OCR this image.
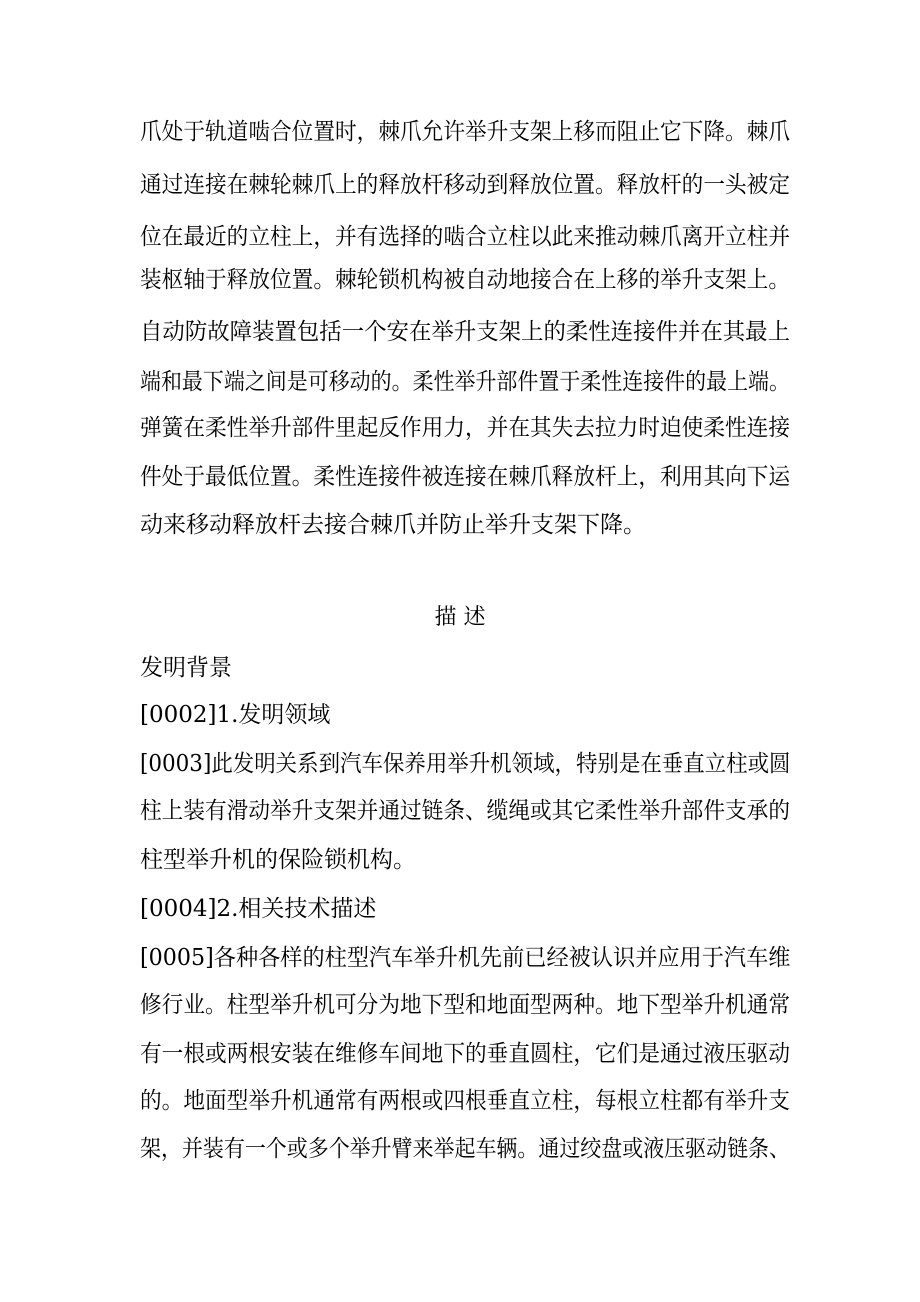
爪处于轨道啮合位置时，棘爪允许举升支架上移而阻止它下降。棘爪
通过连接在棘轮棘爪上的释放杆移动到释放位置。释放杆的一头被定
位在最近的立柱上，并有选择的啮合立柱以此来推动棘爪离开立柱并
装枢轴于释放位置。棘轮锁机构被自动地接合在上移的举升支架上。
自动防故障装置包括一个安在举升支架上的柔性连接件并在其最上
端和最下端之间是可移动的。柔性举升部件置于柔性连接件的最上端。
弹簧在柔性举升部件里起反作用力，并在其失去拉力时迫使柔性连接
件处于最低位置。柔性连接件被连接在棘爪释放杆上，利用其向下运
动来移动释放杆去接合棘爪并防止举升支架下降。
描 述
发明背景
[0002]1.发明领域
[0003]此发明关系到汽车保养用举升机领域，特别是在垂直立柱或圆
柱上装有滑动举升支架并通过链条、缆绳或其它柔性举升部件支承的
柱型举升机的保险锁机构。
[0004]2.相关技术描述
[0005]各种各样的柱型汽车举升机先前已经被认识并应用于汽车维
修行业。柱型举升机可分为地下型和地面型两种。地下型举升机通常
有一根或两根安装在维修车间地下的垂直圆柱，它们是通过液压驱动
的。地面型举升机通常有两根或四根垂直立柱，每根立柱都有举升支
架，并装有一个或多个举升臂来举起车辆。通过绞盘或液压驱动链条、
